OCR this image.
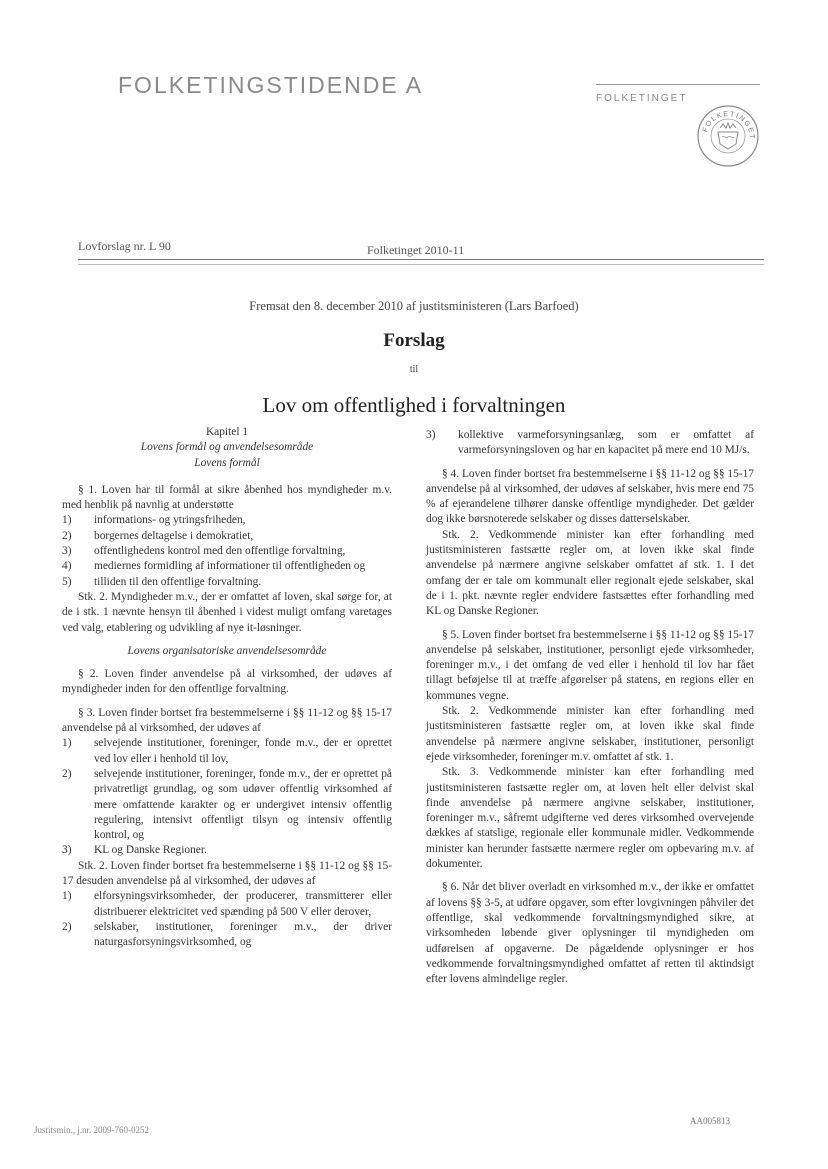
FOLKETINGSTIDENDE A
FOLKETINGET
FOLKETINGET
Lovforslag nr. L 90	Folketinget 2010-11
Fremsat den 8. december 2010 af justitsministeren (Lars Barfoed)
Forslag
til
Lov om offentlighed i forvaltningen

Kapitel 1

Lovens formål og anvendelsesområde

Lovens formål

§ 1. Loven har til formål at sikre åbenhed hos myndigheder m.v. med henblik på navnlig at understøtte

1)	informations- og ytringsfriheden,
2)	borgernes deltagelse i demokratiet,
3)	offentlighedens kontrol med den offentlige forvaltning,
4)	mediernes formidling af informationer til offentligheden og
5)	tilliden til den offentlige forvaltning.

Stk. 2. Myndigheder m.v., der er omfattet af loven, skal sørge for, at de i stk. 1 nævnte hensyn til åbenhed i videst muligt omfang varetages ved valg, etablering og udvikling af nye it-løsninger.

Lovens organisatoriske anvendelsesområde

§ 2. Loven finder anvendelse på al virksomhed, der udøves af myndigheder inden for den offentlige forvaltning.

§ 3. Loven finder bortset fra bestemmelserne i §§ 11-12 og §§ 15-17 anvendelse på al virksomhed, der udøves af

1)	selvejende institutioner, foreninger, fonde m.v., der er oprettet ved lov eller i henhold til lov,
2)	selvejende institutioner, foreninger, fonde m.v., der er oprettet på privatretligt grundlag, og som udøver offentlig virksomhed af mere omfattende karakter og er undergivet intensiv offentlig regulering, intensivt offentligt tilsyn og intensiv offentlig kontrol, og
3)	KL og Danske Regioner.

Stk. 2. Loven finder bortset fra bestemmelserne i §§ 11-12 og §§ 15-17 desuden anvendelse på al virksomhed, der udøves af

1)	elforsyningsvirksomheder, der producerer, transmitterer eller distribuerer elektricitet ved spænding på 500 V eller derover,
2)	selskaber, institutioner, foreninger m.v., der driver naturgasforsyningsvirksomhed, og
3)	kollektive varmeforsyningsanlæg, som er omfattet af varmeforsyningsloven og har en kapacitet på mere end 10 MJ/s.

§ 4. Loven finder bortset fra bestemmelserne i §§ 11-12 og §§ 15-17 anvendelse på al virksomhed, der udøves af selskaber, hvis mere end 75 % af ejerandelene tilhører danske offentlige myndigheder. Det gælder dog ikke børsnoterede selskaber og disses datterselskaber.

Stk. 2. Vedkommende minister kan efter forhandling med justitsministeren fastsætte regler om, at loven ikke skal finde anvendelse på nærmere angivne selskaber omfattet af stk. 1. I det omfang der er tale om kommunalt eller regionalt ejede selskaber, skal de i 1. pkt. nævnte regler endvidere fastsættes efter forhandling med KL og Danske Regioner.

§ 5. Loven finder bortset fra bestemmelserne i §§ 11-12 og §§ 15-17 anvendelse på selskaber, institutioner, personligt ejede virksomheder, foreninger m.v., i det omfang de ved eller i henhold til lov har fået tillagt beføjelse til at træffe afgørelser på statens, en regions eller en kommunes vegne.

Stk. 2. Vedkommende minister kan efter forhandling med justitsministeren fastsætte regler om, at loven ikke skal finde anvendelse på nærmere angivne selskaber, institutioner, personligt ejede virksomheder, foreninger m.v. omfattet af stk. 1.

Stk. 3. Vedkommende minister kan efter forhandling med justitsministeren fastsætte regler om, at loven helt eller delvist skal finde anvendelse på nærmere angivne selskaber, institutioner, foreninger m.v., såfremt udgifterne ved deres virksomhed overvejende dækkes af statslige, regionale eller kommunale midler. Vedkommende minister kan herunder fastsætte nærmere regler om opbevaring m.v. af dokumenter.

§ 6. Når det bliver overladt en virksomhed m.v., der ikke er omfattet af lovens §§ 3-5, at udføre opgaver, som efter lovgivningen påhviler det offentlige, skal vedkommende forvaltningsmyndighed sikre, at virksomheden løbende giver oplysninger til myndigheden om udførelsen af opgaverne. De pågældende oplysninger er hos vedkommende forvaltningsmyndighed omfattet af retten til aktindsigt efter lovens almindelige regler.

Justitsmin., j.nr. 2009-760-0252
AA005813
